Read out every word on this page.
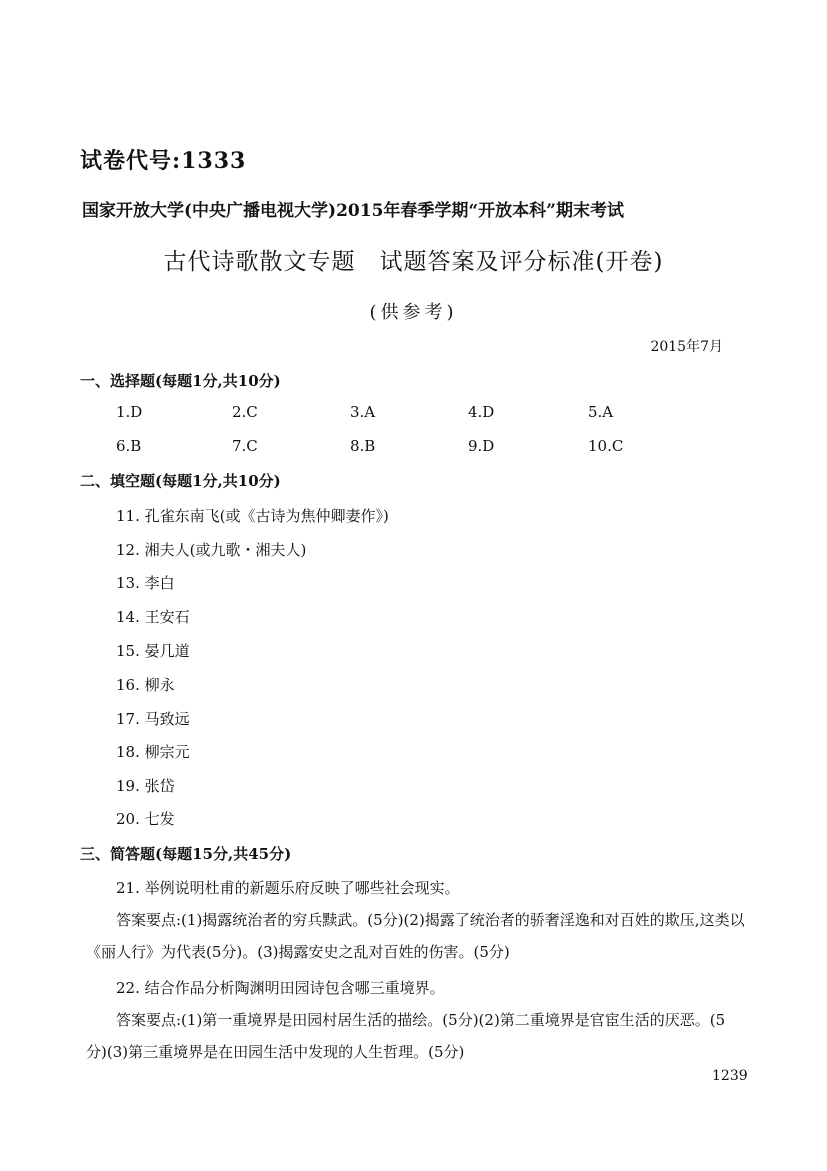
试卷代号:1333
国家开放大学(中央广播电视大学)2015年春季学期“开放本科”期末考试
古代诗歌散文专题　试题答案及评分标准(开卷)
(供参考)
2015年7月
一、选择题(每题1分,共10分)
1.D	2.C	3.A	4.D	5.A
6.B	7.C	8.B	9.D	10.C
二、填空题(每题1分,共10分)
11. 孔雀东南飞(或《古诗为焦仲卿妻作》)
12. 湘夫人(或九歌・湘夫人)
13. 李白
14. 王安石
15. 晏几道
16. 柳永
17. 马致远
18. 柳宗元
19. 张岱
20. 七发
三、简答题(每题15分,共45分)
21. 举例说明杜甫的新题乐府反映了哪些社会现实。
答案要点:(1)揭露统治者的穷兵黩武。(5分)(2)揭露了统治者的骄奢淫逸和对百姓的欺压,这类以《丽人行》为代表(5分)。(3)揭露安史之乱对百姓的伤害。(5分)
22. 结合作品分析陶渊明田园诗包含哪三重境界。
答案要点:(1)第一重境界是田园村居生活的描绘。(5分)(2)第二重境界是官宦生活的厌恶。(5分)(3)第三重境界是在田园生活中发现的人生哲理。(5分)
1239
